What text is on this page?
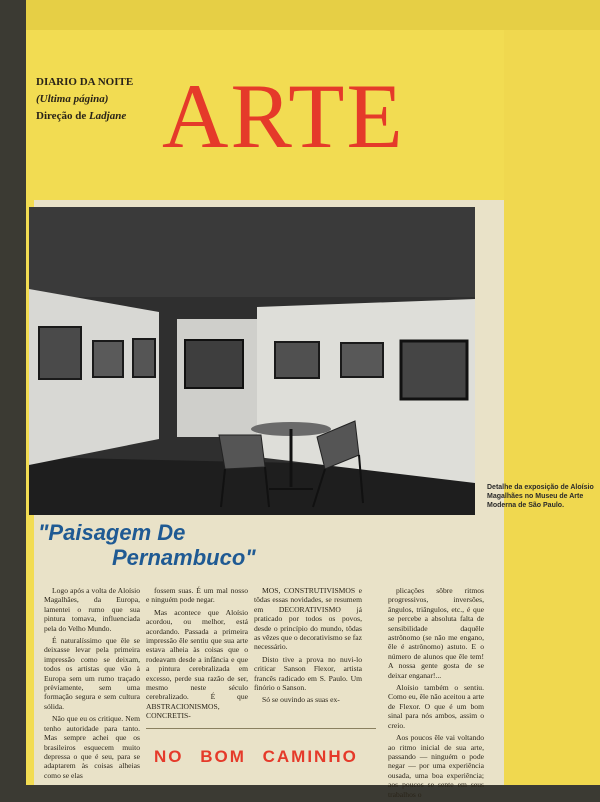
DIARIO DA NOITE
(Ultima página)
Direção de Ladjane ARTE
Detalhe da exposição de Aloísio Magalhães no Museu de Arte Moderna de São Paulo.
"Paisagem De
Pernambuco"

Logo após a volta de Aloísio Magalhães, da Europa, lamentei o rumo que sua pintura tomava, influenciada pela do Velho Mundo.

É naturalíssimo que êle se deixasse levar pela primeira impressão como se deixam, todos os artistas que vão à Europa sem um rumo traçado prèviamente, sem uma formação segura e sem cultura sólida.

Não que eu os critique. Nem tenho autoridade para tanto. Mas sempre achei que os brasileiros esquecem muito depressa o que é seu, para se adaptarem às coisas alheias como se elas

fossem suas. É um mal nosso e ninguém pode negar.

Mas acontece que Aloísio acordou, ou melhor, está acordando. Passada a primeira impressão êle sentiu que sua arte estava alheia às coisas que o rodeavam desde a infância e que a pintura cerebralizada em excesso, perde sua razão de ser, mesmo neste século cerebralizado. É que ABSTRACIONISMOS, CONCRETIS-

MOS, CONSTRUTIVISMOS e tôdas essas novidades, se resumem em DECORATIVISMO já praticado por todos os povos, desde o princípio do mundo, tôdas as vêzes que o decorativismo se faz necessário.

Disto tive a prova no nuvi-lo criticar Sanson Flexor, artista francês radicado em S. Paulo. Um finório o Sanson.

Só se ouvindo as suas ex-

plicações sôbre ritmos progressivos, inversões, ângulos, triângulos, etc., é que se percebe a absoluta falta de sensibilidade daquêle astrônomo (se não me engano, êle é astrônomo) astuto. E o número de alunos que êle tem! A nossa gente gosta de se deixar enganar!...

Aloísio também o sentiu. Como eu, êle não aceitou a arte de Flexor. O que é um bom sinal para nós ambos, assim o creio.

Aos poucos êle vai voltando ao ritmo inicial de sua arte, passando — ninguém o pode negar — por uma experiência ousada, uma boa experiência; aos poucos se sente em seus trabalhos o

NO BOM CAMINHO
